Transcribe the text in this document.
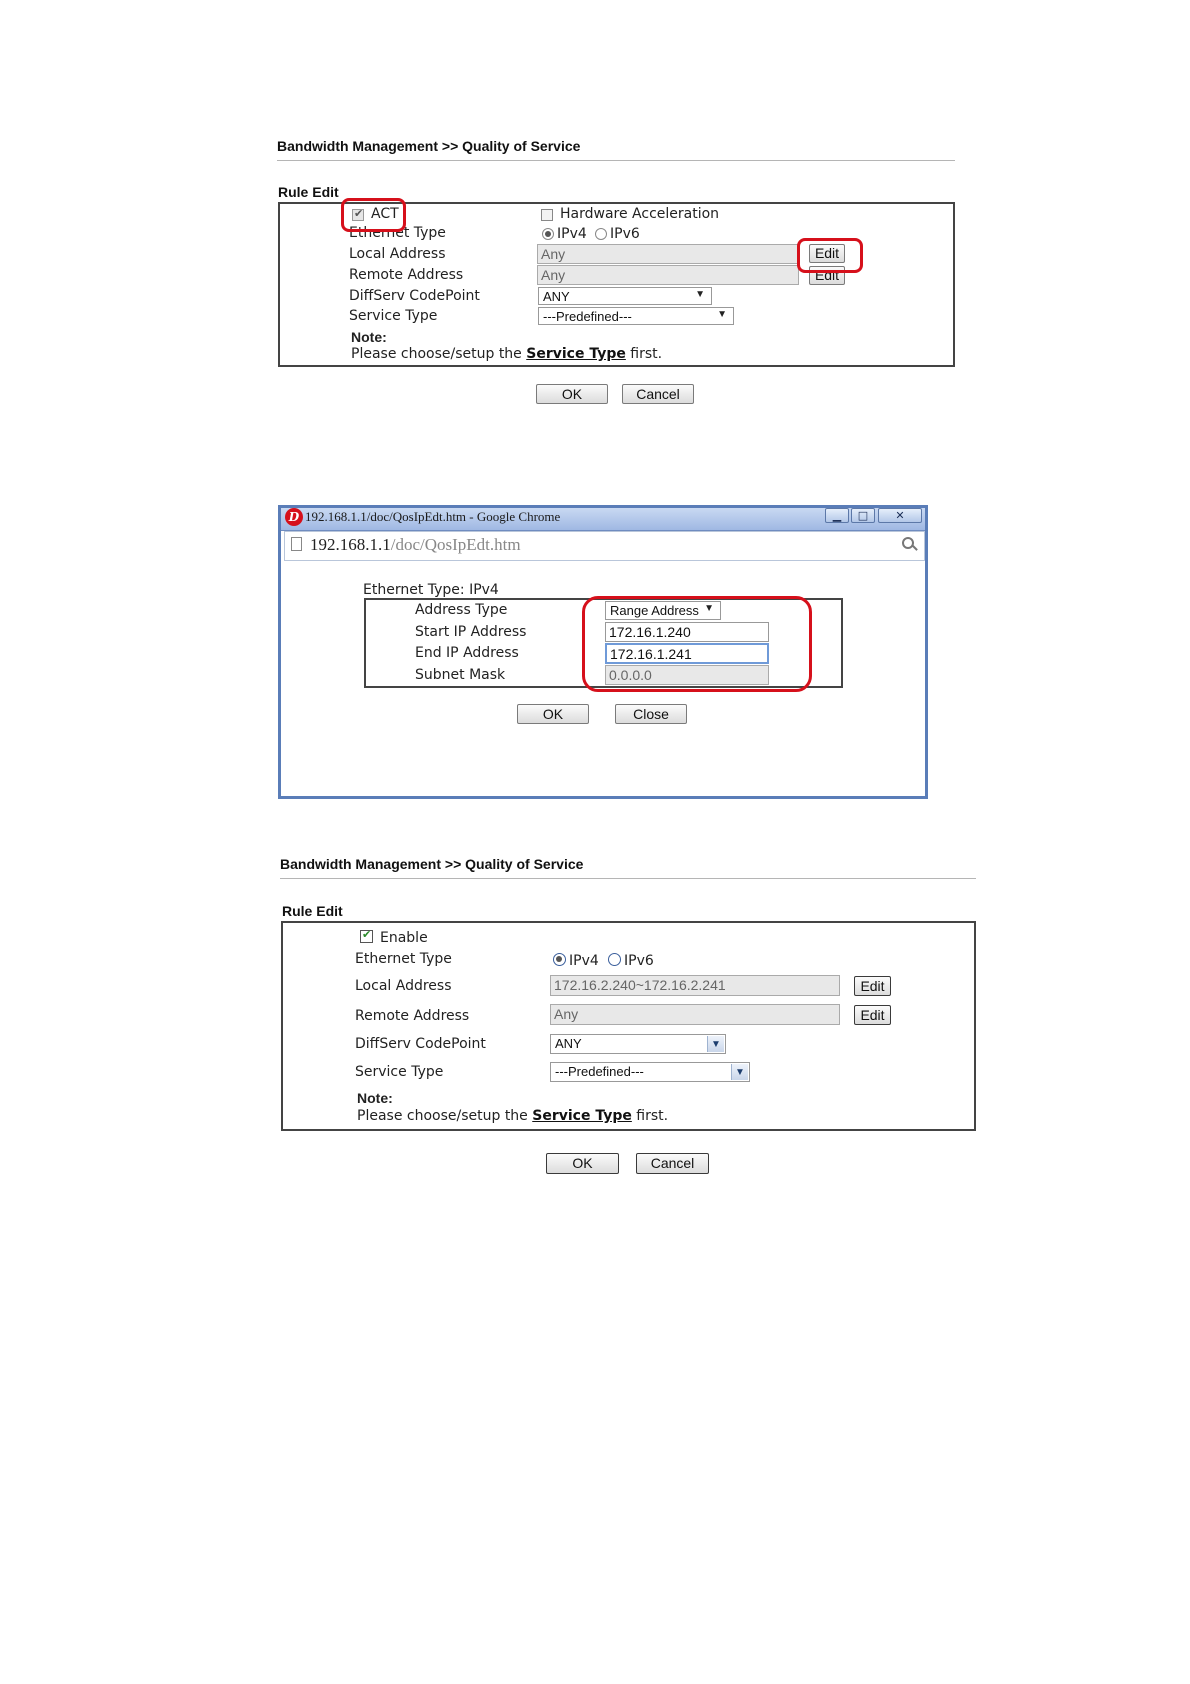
Bandwidth Management >> Quality of Service
Rule Edit
✔ ACT	Hardware Acceleration
Ethernet Type	IPv4 IPv6
Local Address	Any	Edit
Remote Address	Any	Edit
DiffServ CodePoint	ANY	▼
Service Type	---Predefined---	▼
Note:
Please choose/setup the Service Type first.
OK	Cancel
D 192.168.1.1/doc/QosIpEdt.htm - Google Chrome	▁	□	✕
192.168.1.1/doc/QosIpEdt.htm
Ethernet Type: IPv4
Address Type	Range Address ▼
Start IP Address	172.16.1.240
End IP Address	172.16.1.241
Subnet Mask	0.0.0.0
OK	Close
Bandwidth Management >> Quality of Service
Rule Edit
✔ Enable
Ethernet Type	IPv4 IPv6
Local Address	172.16.2.240~172.16.2.241	Edit
Remote Address	Any	Edit
DiffServ CodePoint	ANY	▼
Service Type	---Predefined---	▼
Note:
Please choose/setup the Service Type first.
OK	Cancel
